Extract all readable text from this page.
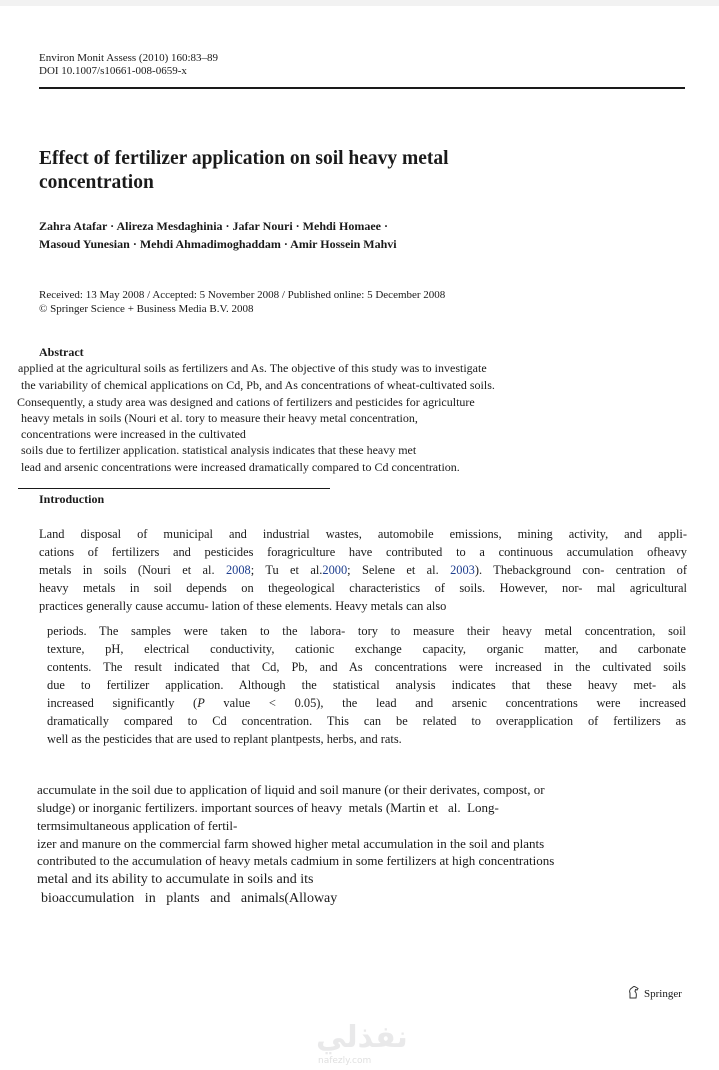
Environ Monit Assess (2010) 160:83–89
DOI 10.1007/s10661-008-0659-x
Effect of fertilizer application on soil heavy metal concentration
Zahra Atafar · Alireza Mesdaghinia · Jafar Nouri · Mehdi Homaee ·
Masoud Yunesian · Mehdi Ahmadimoghaddam · Amir Hossein Mahvi
Received: 13 May 2008 / Accepted: 5 November 2008 / Published online: 5 December 2008
© Springer Science + Business Media B.V. 2008
Abstract
applied at the agricultural soils as fertilizers and As. The objective of this study was to investigate
the variability of chemical applications on Cd, Pb, and As concentrations of wheat-cultivated soils.
Consequently, a study area was designed and cations of fertilizers and pesticides for agriculture
heavy metals in soils (Nouri et al. tory to measure their heavy metal concentration,
concentrations were increased in the cultivated
soils due to fertilizer application. statistical analysis indicates that these heavy met
lead and arsenic concentrations were increased dramatically compared to Cd concentration.
Introduction
Land disposal of municipal and industrial wastes, automobile emissions, mining activity, and appli-
cations of fertilizers and pesticides foragriculture have contributed to a continuous accumulation ofheavy
metals in soils (Nouri et al. 2008; Tu et al.2000; Selene et al. 2003). Thebackground con- centration of
heavy metals in soil depends on thegeological characteristics of soils. However, nor- mal agricultural
practices generally cause accumu- lation of these elements. Heavy metals can also
periods. The samples were taken to the labora- tory to measure their heavy metal concentration, soil
texture, pH, electrical conductivity, cationic exchange capacity, organic matter, and carbonate
contents. The result indicated that Cd, Pb, and As concentrations were increased in the cultivated soils
due to fertilizer application. Although the statistical analysis indicates that these heavy met- als
increased significantly (P value < 0.05), the lead and arsenic concentrations were increased
dramatically compared to Cd concentration. This can be related to overapplication of fertilizers as
well as the pesticides that are used to replant plantpests, herbs, and rats.
accumulate in the soil due to application of liquid and soil manure (or their derivates, compost, or
sludge) or inorganic fertilizers. important sources of heavy  metals (Martin et   al.  Long-
termsimultaneous application of fertil-
izer and manure on the commercial farm showed higher metal accumulation in the soil and plants
contributed to the accumulation of heavy metals cadmium in some fertilizers at high concentrations
metal and its ability to accumulate in soils and its
bioaccumulation   in   plants   and   animals(Alloway
Springer
نفذلي
nafezly.com
